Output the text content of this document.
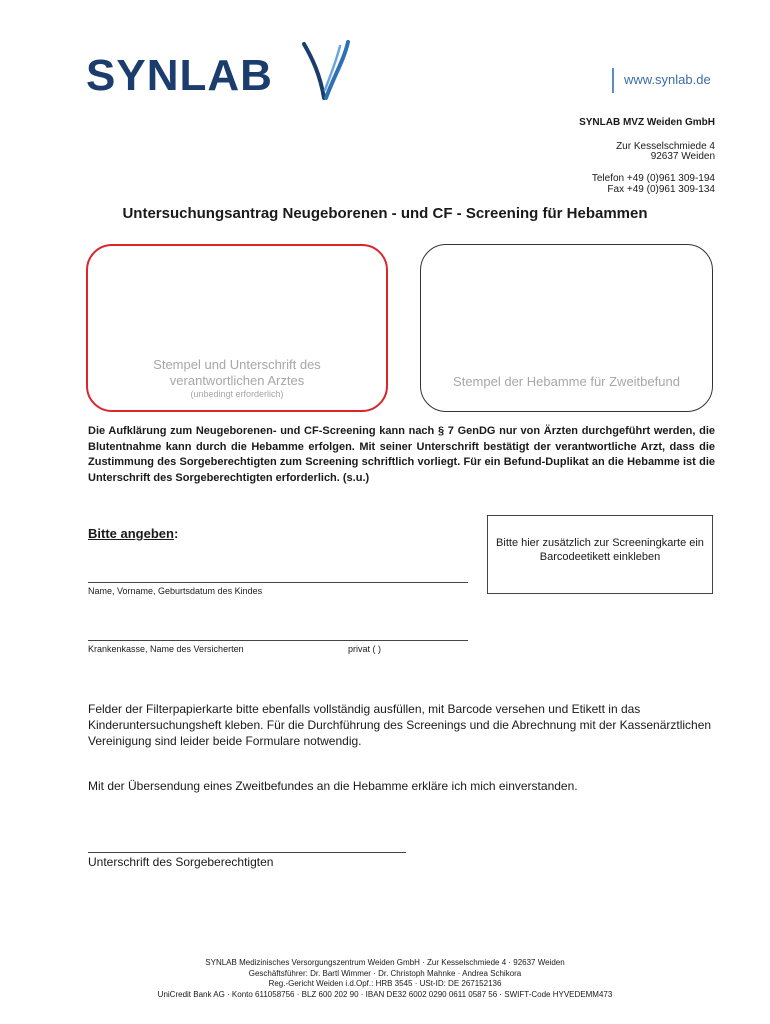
SYNLAB	www.synlab.de
SYNLAB MVZ Weiden GmbH
Zur Kesselschmiede 4
92637 Weiden
Telefon +49 (0)961 309-194
Fax +49 (0)961 309-134
Untersuchungsantrag Neugeborenen - und CF - Screening für Hebammen
Stempel und Unterschrift des
verantwortlichen Arztes
(unbedingt erforderlich)
Stempel der Hebamme für Zweitbefund
Die Aufklärung zum Neugeborenen- und CF-Screening kann nach § 7 GenDG nur von Ärzten durchgeführt werden, die Blutentnahme kann durch die Hebamme erfolgen. Mit seiner Unterschrift bestätigt der verantwortliche Arzt, dass die Zustimmung des Sorgeberechtigten zum Screening schriftlich vorliegt. Für ein Befund-Duplikat an die Hebamme ist die Unterschrift des Sorgeberechtigten erforderlich. (s.u.)
Bitte angeben:
Bitte hier zusätzlich zur Screeningkarte ein Barcodeetikett einkleben
Name, Vorname, Geburtsdatum des Kindes
Krankenkasse, Name des Versicherten	privat ( )
Felder der Filterpapierkarte bitte ebenfalls vollständig ausfüllen, mit Barcode versehen und Etikett in das Kinderuntersuchungsheft kleben. Für die Durchführung des Screenings und die Abrechnung mit der Kassenärztlichen Vereinigung sind leider beide Formulare notwendig.
Mit der Übersendung eines Zweitbefundes an die Hebamme erkläre ich mich einverstanden.
Unterschrift des Sorgeberechtigten
SYNLAB Medizinisches Versorgungszentrum Weiden GmbH · Zur Kesselschmiede 4 · 92637 Weiden
Geschäftsführer: Dr. Bartl Wimmer · Dr. Christoph Mahnke · Andrea Schikora
Reg.-Gericht Weiden i.d.Opf.: HRB 3545 · USt-ID: DE 267152136
UniCredit Bank AG · Konto 611058756 · BLZ 600 202 90 · IBAN DE32 6002 0290 0611 0587 56 · SWIFT-Code HYVEDEMM473
